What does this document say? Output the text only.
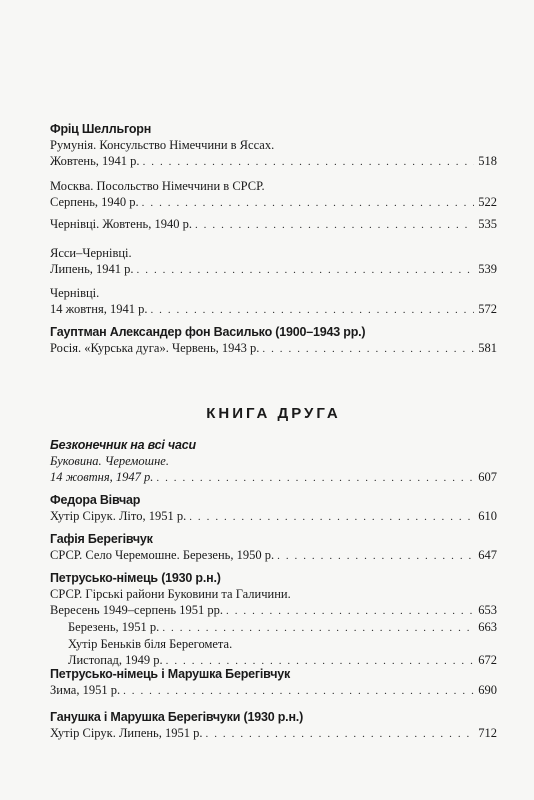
Фріц Шелльгорн
Румунія. Консульство Німеччини в Яссах.
Жовтень, 1941 р. . . .	518
Москва. Посольство Німеччини в СРСР.
Серпень, 1940 р. . . .	522
Чернівці. Жовтень, 1940 р. . . .	535
Ясси–Чернівці.
Липень, 1941 р. . . .	539
Чернівці.
14 жовтня, 1941 р. . . .	572
Гауптман Александер фон Василько (1900–1943 рр.)
Росія. «Курська дуга». Червень, 1943 р. . . .	581
КНИГА ДРУГА
Безконечник на всі часи
Буковина. Черемошне.
14 жовтня, 1947 р. . . .	607
Федора Вівчар
Хутір Сірук. Літо, 1951 р. . . .	610
Гафія Берегівчук
СРСР. Село Черемошне. Березень, 1950 р. . . .	647
Петрусько-німець (1930 р.н.)
СРСР. Гірські райони Буковини та Галичини.
Вересень 1949–серпень 1951 рр. . . .	653
Березень, 1951 р. . . .	663
Хутір Беньків біля Берегомета.
Листопад, 1949 р. . . .	672
Петрусько-німець і Марушка Берегівчук
Зима, 1951 р. . . .	690
Ганушка і Марушка Берегівчуки (1930 р.н.)
Хутір Сірук. Липень, 1951 р. . . .	712
